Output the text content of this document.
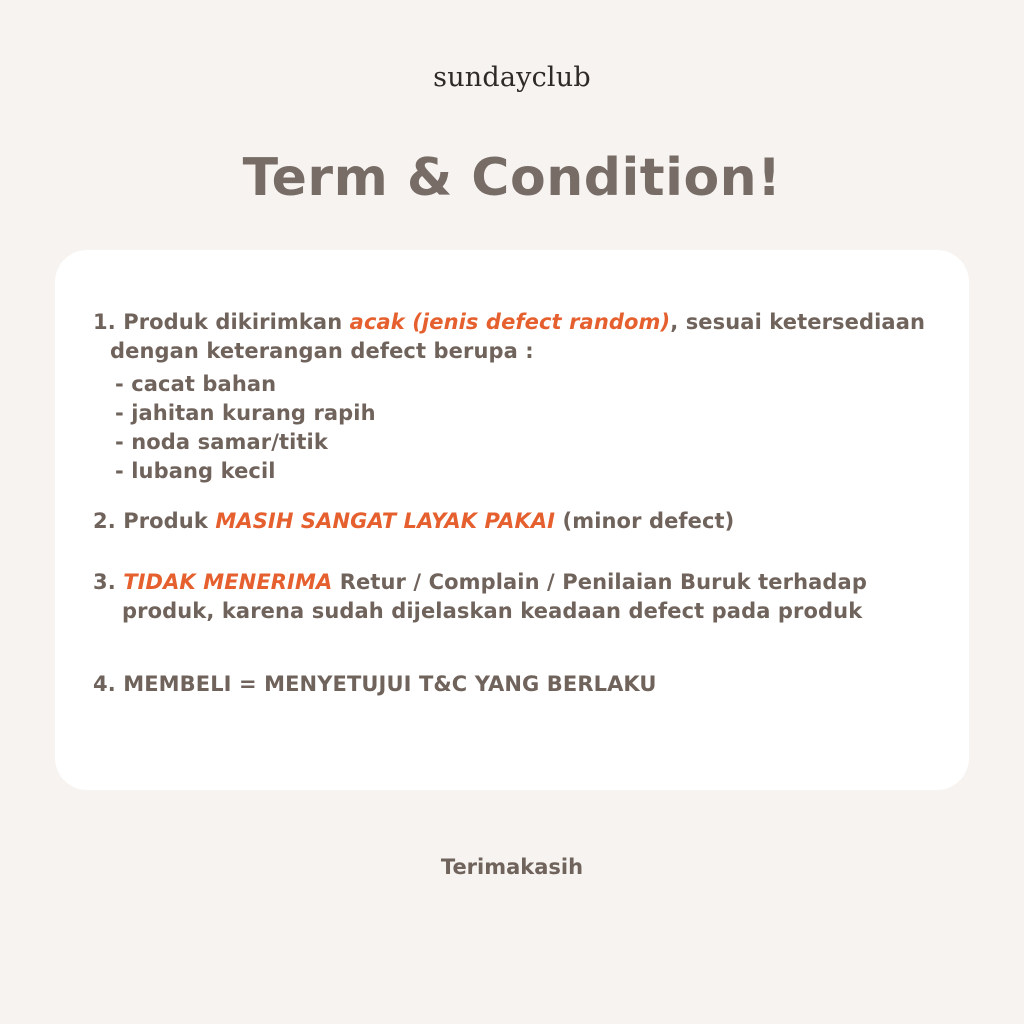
sundayclub
Term & Condition!
1. Produk dikirimkan acak (jenis defect random), sesuai ketersediaan
dengan keterangan defect berupa :
- cacat bahan
- jahitan kurang rapih
- noda samar/titik
- lubang kecil
2. Produk MASIH SANGAT LAYAK PAKAI (minor defect)
3. TIDAK MENERIMA Retur / Complain / Penilaian Buruk terhadap
produk, karena sudah dijelaskan keadaan defect pada produk
4. MEMBELI = MENYETUJUI T&C YANG BERLAKU
Terimakasih
